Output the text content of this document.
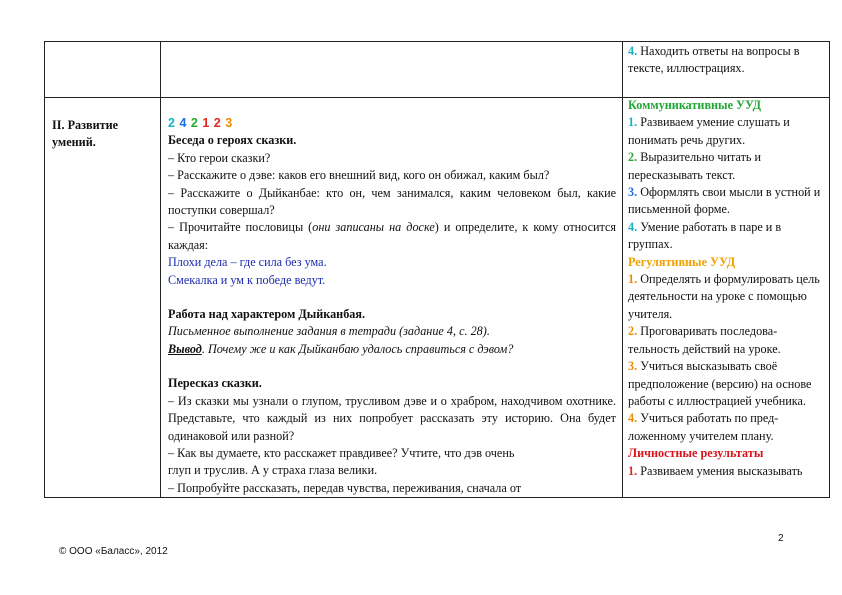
4. Находить ответы на вопросы в тексте, иллюстрациях.
II. Развитие умений.

2 4 2 1 2 3

Беседа о героях сказки.

– Кто герои сказки?

– Расскажите о дэве: каков его внешний вид, кого он обижал, каким был?

– Расскажите о Дыйканбае: кто он, чем занимался, каким человеком был, какие поступки совершал?

– Прочитайте пословицы (они записаны на доске) и определите, к кому относится каждая:

Плохи дела – где сила без ума.

Смекалка и ум к победе ведут.

Работа над характером Дыйканбая.

Письменное выполнение задания в тетради (задание 4, с. 28).

Вывод. Почему же и как Дыйканбаю удалось справиться с дэвом?

Пересказ сказки.

– Из сказки мы узнали о глупом, трусливом дэве и о храбром, находчивом охотнике. Представьте, что каждый из них попробует рассказать эту историю. Она будет одинаковой или разной?

– Как вы думаете, кто расскажет правдивее? Учтите, что дэв очень

глуп и труслив. А у страха глаза велики.

– Попробуйте рассказать, передав чувства, переживания, сначала от

Коммуникативные УУД

1. Развиваем умение слушать и понимать речь других.

2. Выразительно читать и пересказывать текст.

3. Оформлять свои мысли в устной и письменной форме.

4. Умение работать в паре и в группах.

Регулятивные УУД

1. Определять и формулировать цель деятельности на уроке с помощью учителя.

2. Проговаривать последова-тельность действий на уроке.

3. Учиться высказывать своё предположение (версию) на основе работы с иллюстрацией учебника.

4. Учиться работать по пред-ложенному учителем плану.

Личностные результаты

1. Развиваем умения высказывать

2
© ООО «Баласс», 2012
